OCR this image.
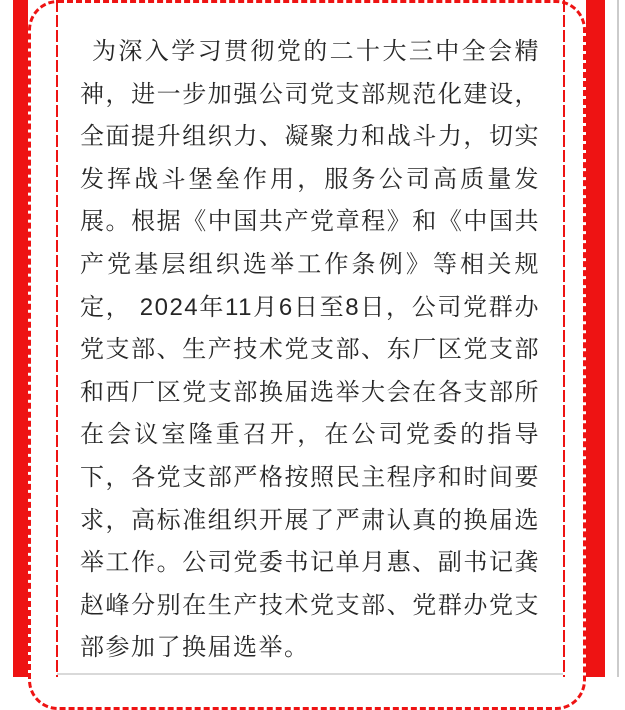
为深入学习贯彻党的二十大三中全会精神，进一步加强公司党支部规范化建设，全面提升组织力、凝聚力和战斗力，切实发挥战斗堡垒作用，服务公司高质量发展。根据《中国共产党章程》和《中国共产党基层组织选举工作条例》等相关规定， 2024年11月6日至8日，公司党群办党支部、生产技术党支部、东厂区党支部和西厂区党支部换届选举大会在各支部所在会议室隆重召开，在公司党委的指导下，各党支部严格按照民主程序和时间要求，高标准组织开展了严肃认真的换届选举工作。公司党委书记单月惠、副书记龚赵峰分别在生产技术党支部、党群办党支部参加了换届选举。
